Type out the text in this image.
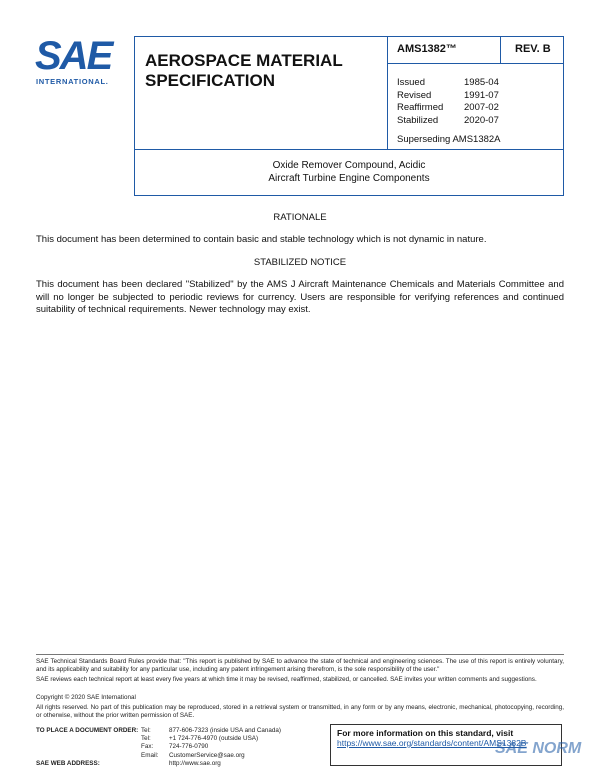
SAE
INTERNATIONAL.
AEROSPACE MATERIAL
SPECIFICATION
AMS1382™	REV. B
Issued	1985-04
Revised	1991-07
Reaffirmed	2007-02
Stabilized	2020-07
Superseding AMS1382A
Oxide Remover Compound, Acidic
Aircraft Turbine Engine Components
RATIONALE
This document has been determined to contain basic and stable technology which is not dynamic in nature.
STABILIZED NOTICE
This document has been declared "Stabilized" by the AMS J Aircraft Maintenance Chemicals and Materials Committee and will no longer be subjected to periodic reviews for currency. Users are responsible for verifying references and continued suitability of technical requirements. Newer technology may exist.
SAE Technical Standards Board Rules provide that: "This report is published by SAE to advance the state of technical and engineering sciences. The use of this report is entirely voluntary, and its applicability and suitability for any particular use, including any patent infringement arising therefrom, is the sole responsibility of the user."
SAE reviews each technical report at least every five years at which time it may be revised, reaffirmed, stabilized, or cancelled. SAE invites your written comments and suggestions.
Copyright © 2020 SAE International
All rights reserved. No part of this publication may be reproduced, stored in a retrieval system or transmitted, in any form or by any means, electronic, mechanical, photocopying, recording, or otherwise, without the prior written permission of SAE.
TO PLACE A DOCUMENT ORDER: Tel:	877-606-7323 (inside USA and Canada)
Tel:	+1 724-776-4970 (outside USA)
Fax:	724-776-0790
Email:	CustomerService@sae.org
SAE WEB ADDRESS:	http://www.sae.org
For more information on this standard, visit
https://www.sae.org/standards/content/AMS1382B
SAE NORM
